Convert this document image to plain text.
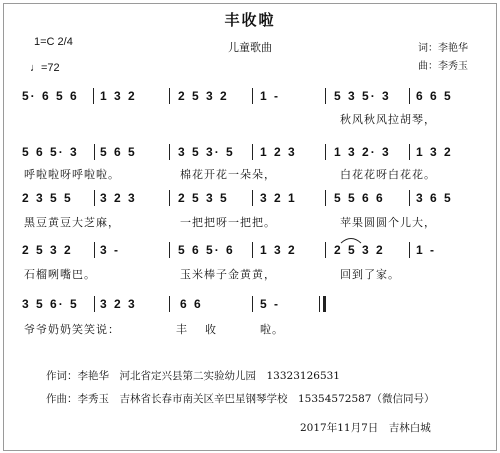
丰收啦
儿童歌曲	词：李艳华
曲：李秀玉
1=C 2/4
♩=72
5· 6 5 6 1 3 2	2 5 3 2	1 -	5 3 5· 3 6 6 5
秋风秋风拉胡琴，
5 6 5· 3 5 6 5	3 5 3· 5 1 2 3	1 3 2· 3 1 3 2
呼啦啦呀呼啦啦。	棉花开花一朵朵，	白花花呀白花花。
2 3 5 5 3 2 3	2 5 3 5	3 2 1	5 5 6 6	3 6 5
黑豆黄豆大芝麻，	一把把呀一把把。	苹果圆圆个儿大，
2 5 3 2 3 -	5 6 5· 6 1 3 2	2 5 3 2	1 -
石榴咧嘴巴。	玉米棒子金黄黄，	回到了家。
3 5 6· 5 3 2 3	6 6	5 -
爷爷奶奶笑笑说：	丰收 啦。
作词：李艳华　河北省定兴县第二实验幼儿园　13323126531
作曲：李秀玉　吉林省长春市南关区辛巴星钢琴学校　15354572587（微信同号）
2017年11月7日　吉林白城
